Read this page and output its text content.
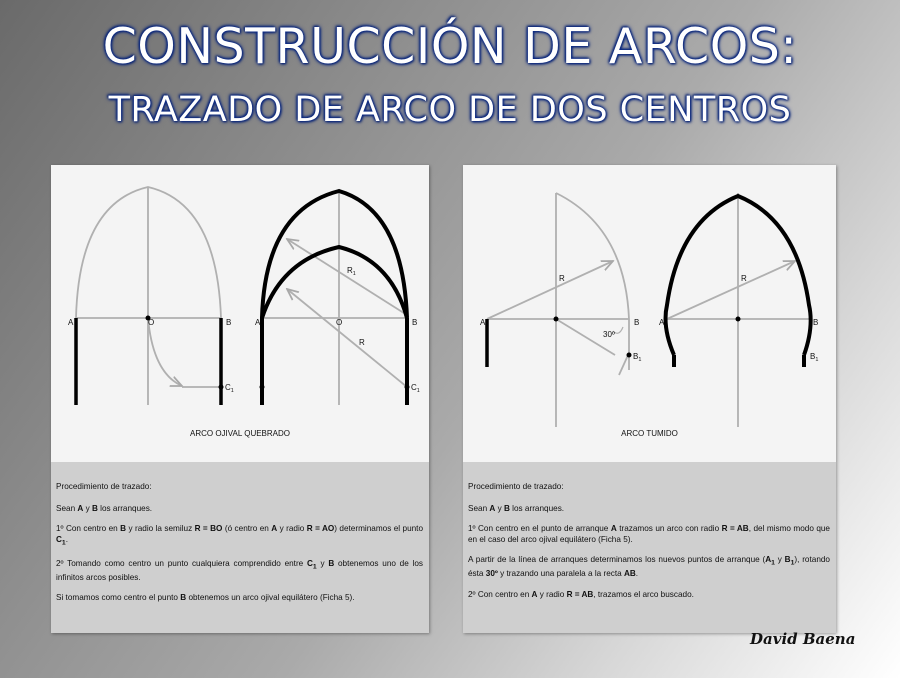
CONSTRUCCIÓN DE ARCOS:
TRAZADO DE ARCO DE DOS CENTROS
A	O	B
$C_1$
A	O	B
$R_1$
R
$C_1$
ARCO OJIVAL QUEBRADO

Procedimiento de trazado:

Sean A y B los arranques.

1º Con centro en B y radio la semiluz R = BO (ó centro en A y radio R = AO) determinamos el punto $C_1$.

2º Tomando como centro un punto cualquiera comprendido entre $C_1$ y B obtenemos uno de los infinitos arcos posibles.

Si tomamos como centro el punto B obtenemos un arco ojival equilátero (Ficha 5).

A
R
B
30º
$B_1$
A
R
B
$B_1$
ARCO TUMIDO

Procedimiento de trazado:

Sean A y B los arranques.

1º Con centro en el punto de arranque A trazamos un arco con radio R = AB, del mismo modo que en el caso del arco ojival equilátero (Ficha 5).

A partir de la línea de arranques determinamos los nuevos puntos de arranque ($A_1$ y $B_1$), rotando ésta 30º y trazando una paralela a la recta AB.

2º Con centro en A y radio R = AB, trazamos el arco buscado.

David Baena
